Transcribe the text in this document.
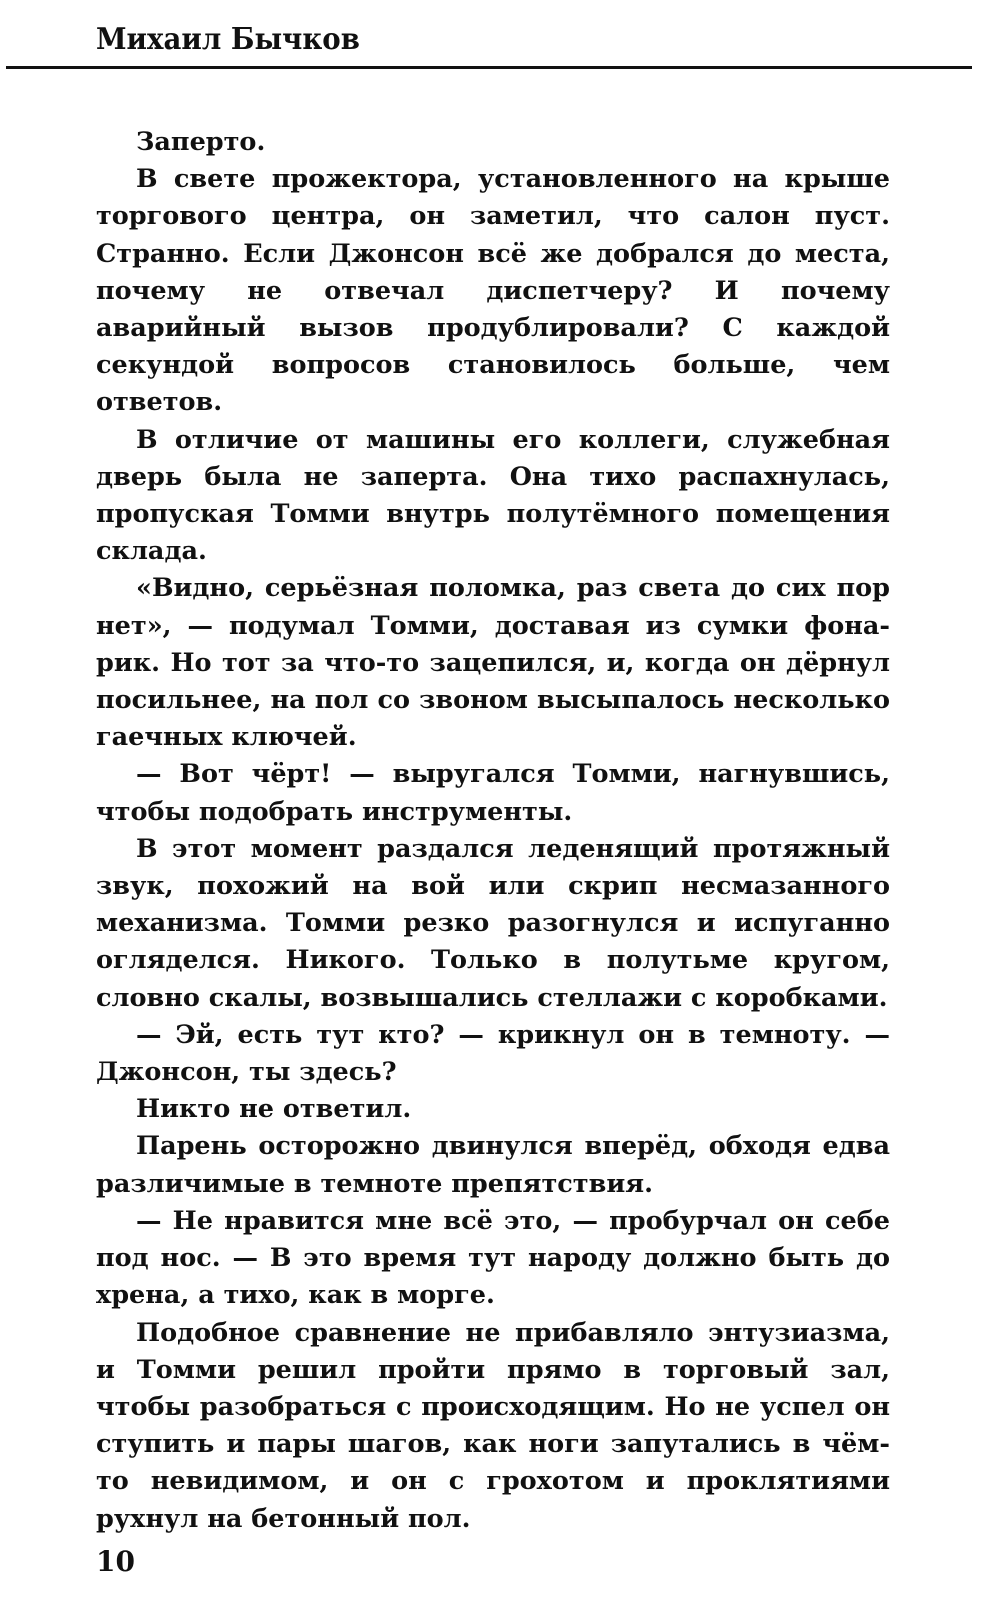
Михаил Бычков

Заперто.

В свете прожектора, установленного на крыше торгового центра, он заметил, что салон пуст. Странно. Если Джонсон всё же добрался до места, почему не отвечал диспетчеру? И почему аварийный вызов продублировали? С каждой секундой вопросов становилось больше, чем ответов.

В отличие от машины его коллеги, служебная дверь была не заперта. Она тихо распахнулась, пропуская Томми внутрь полутёмного помещения склада.

«Видно, серьёзная поломка, раз света до сих пор нет», — подумал Томми, доставая из сумки фонарик. Но тот за что-то зацепился, и, когда он дёрнул посильнее, на пол со звоном высыпалось несколько гаечных ключей.

— Вот чёрт! — выругался Томми, нагнувшись, чтобы подобрать инструменты.

В этот момент раздался леденящий протяжный звук, похожий на вой или скрип несмазанного механизма. Томми резко разогнулся и испуганно огляделся. Никого. Только в полутьме кругом, словно скалы, возвышались стеллажи с коробками.

— Эй, есть тут кто? — крикнул он в темноту. — Джонсон, ты здесь?

Никто не ответил.

Парень осторожно двинулся вперёд, обходя едва различимые в темноте препятствия.

— Не нравится мне всё это, — пробурчал он себе под нос. — В это время тут народу должно быть до хрена, а тихо, как в морге.

Подобное сравнение не прибавляло энтузиазма, и Томми решил пройти прямо в торговый зал, чтобы разобраться с происходящим. Но не успел он ступить и пары шагов, как ноги запутались в чём-то невидимом, и он с грохотом и проклятиями рухнул на бетонный пол.

10
